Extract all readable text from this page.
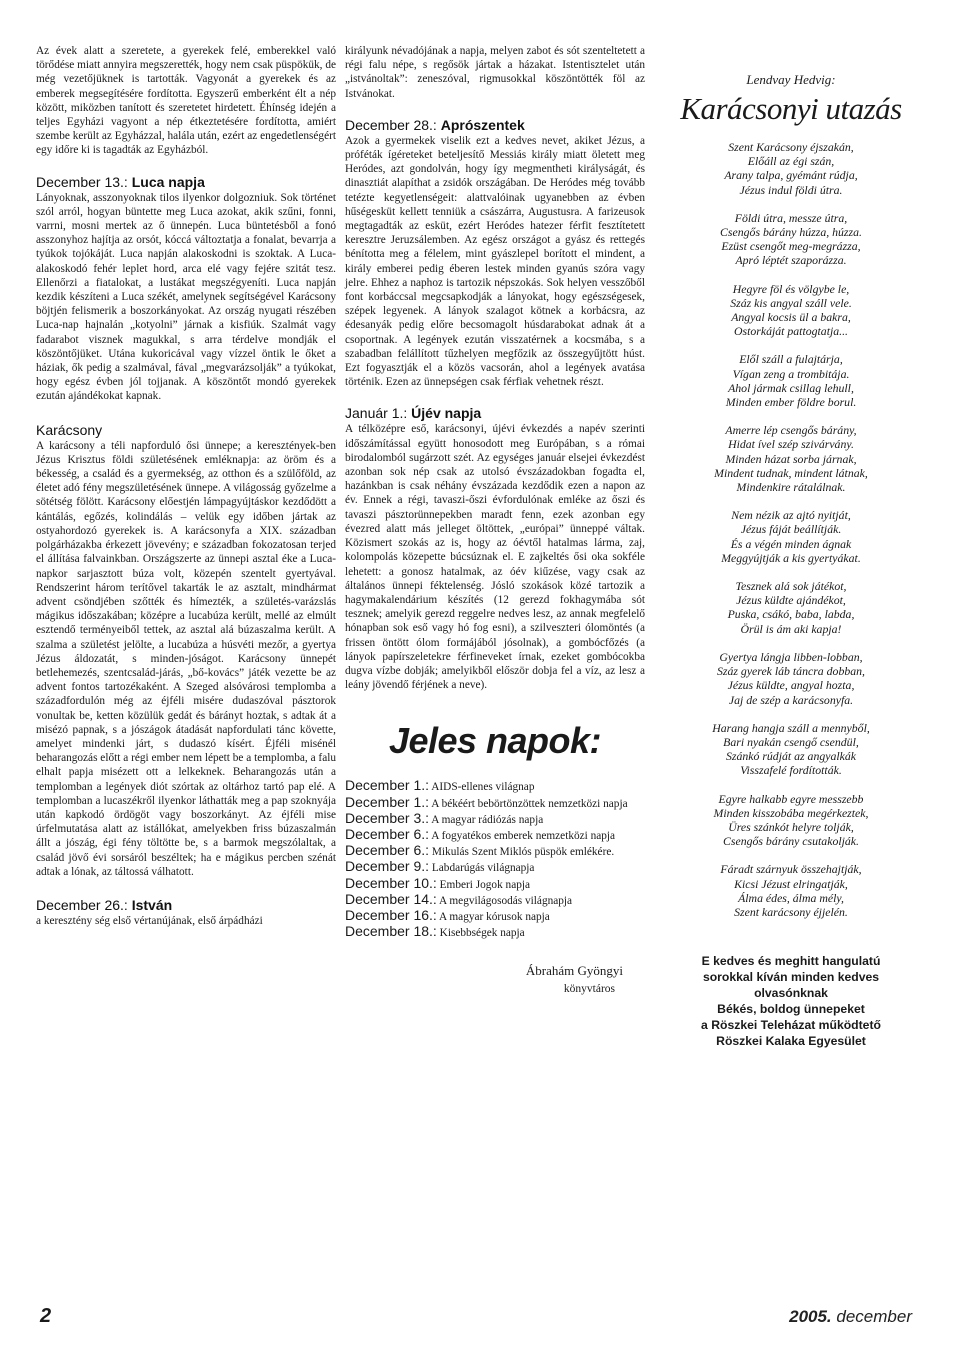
Az évek alatt a szeretete, a gyerekek felé, emberekkel való törődése miatt annyira megszerették, hogy nem csak püspökük, de még vezetőjüknek is tartották. Vagyonát a gyerekek és az emberek megsegítésére fordította. Egyszerű emberként élt a nép között, miközben tanított és szeretetet hirdetett. Éhínség idején a teljes Egyházi vagyont a nép étkeztetésére fordította, amiért szembe került az Egyházzal, halála után, ezért az engedetlenségért egy időre ki is tagadták az Egyházból.

December 13.: Luca napja

Lányoknak, asszonyoknak tilos ilyenkor dolgozniuk. Sok történet szól arról, hogyan büntette meg Luca azokat, akik szűni, fonni, varrni, mosni mertek az ő ünnepén. Luca büntetésből a fonó asszonyhoz hajítja az orsót, kóccá változtatja a fonalat, bevarrja a tyúkok tojókáját. Luca napján alakoskodni is szoktak. A Luca-alakoskodó fehér leplet hord, arca elé vagy fejére szitát tesz. Ellenőrzi a fiatalokat, a lustákat megszégyeníti. Luca napján kezdik készíteni a Luca székét, amelynek segítségével Karácsony böjtjén felismerik a boszorkányokat. Az ország nyugati részében Luca-nap hajnalán „kotyolni” járnak a kisfiúk. Szalmát vagy fadarabot visznek magukkal, s arra térdelve mondják el köszöntőjüket. Utána kukoricával vagy vízzel öntik le őket a háziak, ők pedig a szalmával, fával „megvarázsolják” a tyúkokat, hogy egész évben jól tojjanak. A köszöntőt mondó gyerekek ezután ajándékokat kapnak.

Karácsony

A karácsony a téli napforduló ősi ünnepe; a keresztények-ben Jézus Krisztus földi születésének emléknapja: az öröm és a békesség, a család és a gyermekség, az otthon és a szülőföld, az életet adó fény megszületésének ünnepe. A világosság győzelme a sötétség fölött. Karácsony előestjén lámpagyújtáskor kezdődött a kántálás, egőzés, kolindálás – velük egy időben jártak az ostyahordozó gyerekek is. A karácsonyfa a XIX. században polgárházakba érkezett jövevény; e században fokozatosan terjed el állítása falvainkban. Országszerte az ünnepi asztal éke a Luca-napkor sarjasztott búza volt, közepén szentelt gyertyával. Rendszerint három terítővel takarták le az asztalt, mindhármat advent csöndjében szőtték és hímezték, a születés-varázslás mágikus időszakában; középre a lucabúza került, mellé az elmúlt esztendő terményeiből tettek, az asztal alá búzaszalma került. A szalma a születést jelölte, a lucabúza a húsvéti mezőr, a gyertya Jézus áldozatát, s minden-jóságot. Karácsony ünnepét betlehemezés, szentcsalád-járás, „bő-kovács” játék vezette be az advent fontos tartozékaként. A Szeged alsóvárosi templomba a századfordulón még az éjféli misére dudaszóval pásztorok vonultak be, ketten közülük gedát és bárányt hoztak, s adtak át a misézó papnak, s a jószágok átadását napfordulati tánc követte, amelyet mindenki járt, s dudaszó kísért. Éjféli misénél beharangozás előtt a régi ember nem lépett be a templomba, a falu elhalt papja misézett ott a lelkeknek. Beharangozás után a templomban a legények diót szórtak az oltárhoz tartó pap elé. A templomban a lucaszékről ilyenkor láthatták meg a pap szoknyája után kapkodó ördögöt vagy boszorkányt. Az éjféli mise úrfelmutatása alatt az istállókat, amelyekben friss búzaszalmán állt a jószág, égi fény töltötte be, s a barmok megszólaltak, a család jövő évi sorsáról beszéltek; ha e mágikus percben szénát adtak a lónak, az táltossá válhatott.

December 26.: István

a keresztény ség első vértanújának, első árpádházi

királyunk névadójának a napja, melyen zabot és sót szenteltetett a régi falu népe, s regősök jártak a házakat. Istentisztelet után „istvánoltak”: zeneszóval, rigmusokkal köszöntötték föl az Istvánokat.

December 28.: Aprószentek

Azok a gyermekek viselik ezt a kedves nevet, akiket Jézus, a próféták ígéreteket beteljesítő Messiás király miatt öletett meg Heródes, azt gondolván, hogy így megmentheti királyságát, és dinasztiát alapíthat a zsidók országában. De Heródes még tovább tetézte kegyetlenségeit: alattvalóinak ugyanebben az évben hűségesküt kellett tenniük a császárra, Augustusra. A farizeusok megtagadták az esküt, ezért Heródes hatezer férfit fesztítetett keresztre Jeruzsálemben. Az egész országot a gyász és rettegés bénította meg a félelem, mint gyászlepel borított el mindent, a király emberei pedig éberen lestek minden gyanús szóra vagy jelre. Ehhez a naphoz is tartozik népszokás. Sok helyen vesszőből font korbáccsal megcsapkodják a lányokat, hogy egészségesek, szépek legyenek. A lányok szalagot kötnek a korbácsra, az édesanyák pedig előre becsomagolt húsdarabokat adnak át a csoportnak. A legények ezután visszatérnek a kocsmába, s a szabadban felállított tűzhelyen megfőzik az összegyűjtött húst. Ezt fogyasztják el a közös vacsorán, ahol a legények avatása történik. Ezen az ünnepségen csak férfiak vehetnek részt.

Január 1.: Újév napja

A télközépre eső, karácsonyi, újévi évkezdés a napév szerinti időszámítással együtt honosodott meg Európában, s a római birodalomból sugárzott szét. Az egységes január elsejei évkezdést azonban sok nép csak az utolsó évszázadokban fogadta el, hazánkban is csak néhány évszázada kezdődik ezen a napon az év. Ennek a régi, tavaszi-őszi évfordulónak emléke az őszi és tavaszi pásztorünnepekben maradt fenn, ezek azonban egy évezred alatt más jelleget öltöttek, „európai” ünneppé váltak. Közismert szokás az is, hogy az óévtől hatalmas lárma, zaj, kolompolás közepette búcsúznak el. E zajkeltés ősi oka sokféle lehetett: a gonosz hatalmak, az óév kiűzése, vagy csak az általános ünnepi féktelenség. Jósló szokások közé tartozik a hagymakalendárium készítés (12 gerezd fokhagymába sót tesznek; amelyik gerezd reggelre nedves lesz, az annak megfelelő hónapban sok eső vagy hó fog esni), a szilveszteri ólomöntés (a frissen öntött ólom formájából jósolnak), a gombócfőzés (a lányok papírszeletekre férfineveket írnak, ezeket gombócokba dugva vízbe dobják; amelyikből először dobja fel a víz, az lesz a leány jövendő férjének a neve).

Jeles napok:
December 1.: AIDS-ellenes világnap
December 1.: A békéért bebörtönzöttek nemzetközi napja
December 3.: A magyar rádiózás napja
December 6.: A fogyatékos emberek nemzetközi napja
December 6.: Mikulás Szent Miklós püspök emlékére.
December 9.: Labdarúgás világnapja
December 10.: Emberi Jogok napja
December 14.: A megvilágosodás világnapja
December 16.: A magyar kórusok napja
December 18.: Kisebbségek napja
Ábrahám Gyöngyi
könyvtáros
Lendvay Hedvig:
Karácsonyi utazás
Szent Karácsony éjszakán,
Előáll az égi szán,
Arany talpa, gyémánt rúdja,
Jézus indul földi útra.
Földi útra, messze útra,
Csengős bárány húzza, húzza.
Ezüst csengőt meg-megrázza,
Apró léptét szaporázza.
Hegyre föl és völgybe le,
Száz kis angyal száll vele.
Angyal kocsis ül a bakra,
Ostorkáját pattogtatja...
Elől száll a fulajtárja,
Vígan zeng a trombitája.
Ahol jármak csillag lehull,
Minden ember földre borul.
Amerre lép csengős bárány,
Hidat ível szép szivárvány.
Minden házat sorba járnak,
Mindent tudnak, mindent látnak,
Mindenkire rátalálnak.
Nem nézik az ajtó nyitját,
Jézus fáját beállítják.
És a végén minden ágnak
Meggyújtják a kis gyertyákat.
Tesznek alá sok játékot,
Jézus küldte ajándékot,
Puska, csákó, baba, labda,
Örül is ám aki kapja!
Gyertya lángja libben-lobban,
Száz gyerek láb táncra dobban,
Jézus küldte, angyal hozta,
Jaj de szép a karácsonyfa.
Harang hangja száll a mennyből,
Bari nyakán csengő csendül,
Szánkó rúdját az angyalkák
Visszafelé fordították.
Egyre halkabb egyre messzebb
Minden kisszobába megérkeztek,
Üres szánkót helyre tolják,
Csengős bárány csutakolják.
Fáradt szárnyuk összehajtják,
Kicsi Jézust elringatják,
Álma édes, álma mély,
Szent karácsony éjjelén.
E kedves és meghitt hangulatú
sorokkal kíván minden kedves
olvasónknak
Békés, boldog ünnepeket
a Röszkei Teleházat működtető
Röszkei Kalaka Egyesület
2	2005. december
